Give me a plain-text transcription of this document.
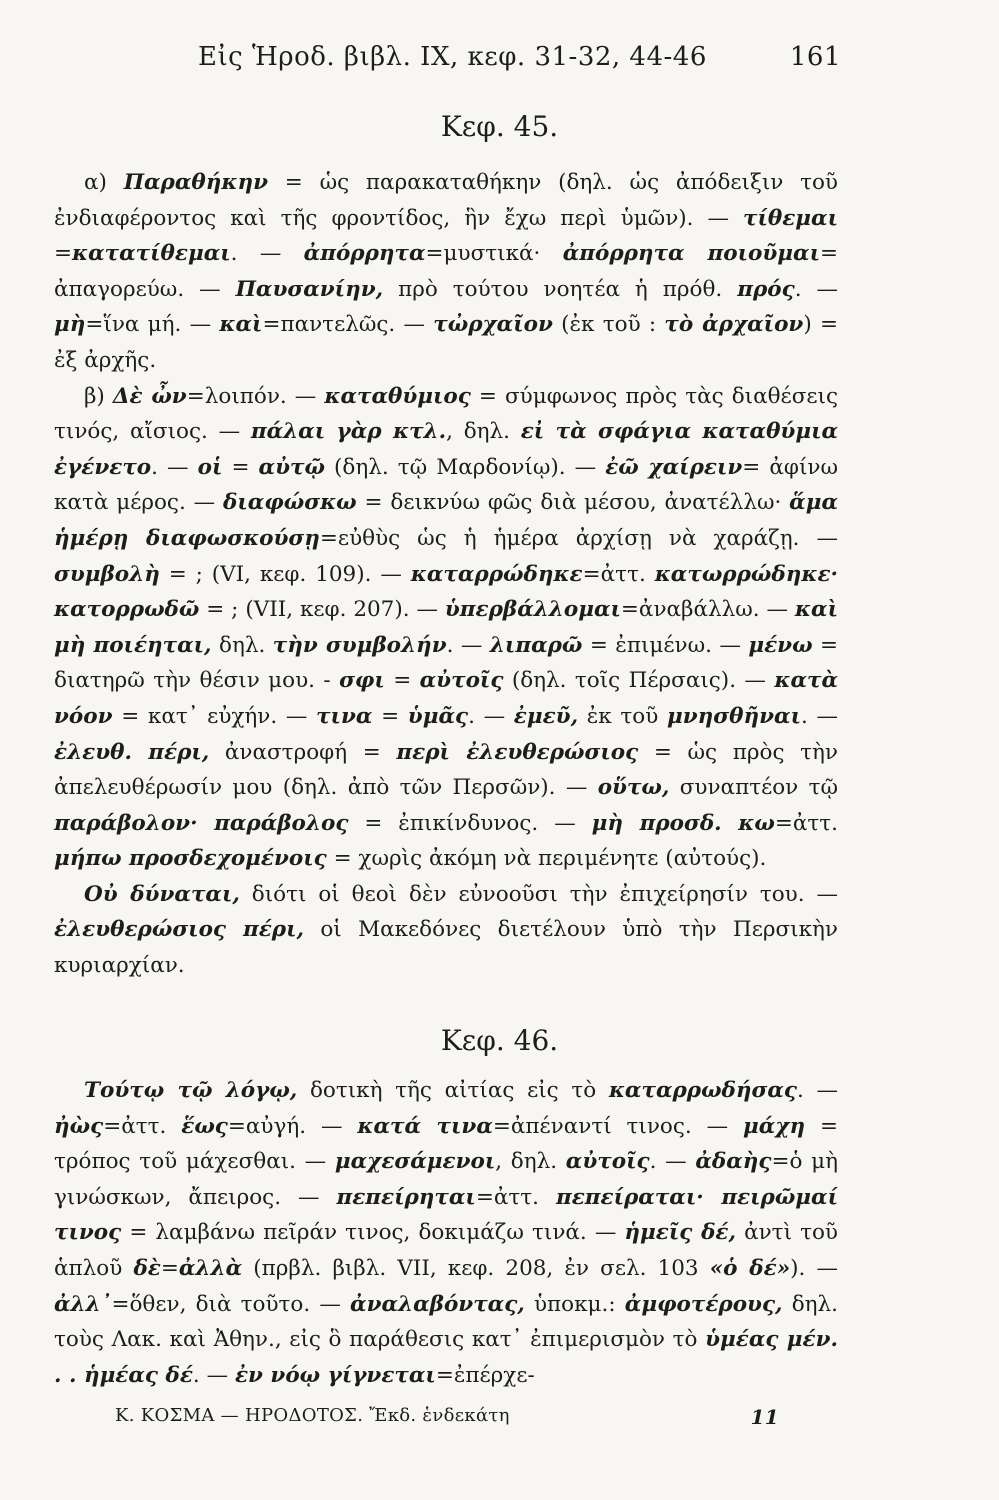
Εἰς Ἡροδ. βιβλ. IX, κεφ. 31-32, 44-46	161
Κεφ. 45.

α) Παραθήκην = ὡς παρακαταθήκην (δηλ. ὡς ἀπόδειξιν τοῦ ἐνδιαφέροντος καὶ τῆς φροντίδος, ἣν ἔχω περὶ ὑμῶν). — τίθεμαι =κατατίθεμαι. — ἀπόρρητα=μυστικά· ἀπόρρητα ποιοῦμαι= ἀπαγορεύω. — Παυσανίην, πρὸ τούτου νοητέα ἡ πρόθ. πρός. — μὴ=ἵνα μή. — καὶ=παντελῶς. — τὠρχαῖον (ἐκ τοῦ : τὸ ἀρχαῖον) = ἐξ ἀρχῆς.

β) Δὲ ὦν=λοιπόν. — καταθύμιος = σύμφωνος πρὸς τὰς διαθέσεις τινός, αἴσιος. — πάλαι γὰρ κτλ., δηλ. εἰ τὰ σφάγια καταθύμια ἐγένετο. — οἱ = αὐτῷ (δηλ. τῷ Μαρδονίῳ). — ἐῶ χαίρειν= ἀφίνω κατὰ μέρος. — διαφώσκω = δεικνύω φῶς διὰ μέσου, ἀνατέλλω· ἅμα ἡμέρῃ διαφωσκούσῃ=εὐθὺς ὡς ἡ ἡμέρα ἀρχίσῃ νὰ χαράζῃ. — συμβολὴ = ; (VI, κεφ. 109). — καταρρώδηκε=ἀττ. κατωρρώδηκε· κατορρωδῶ = ; (VII, κεφ. 207). — ὑπερβάλλομαι=ἀναβάλλω. — καὶ μὴ ποιέηται, δηλ. τὴν συμβολήν. — λιπαρῶ = ἐπιμένω. — μένω = διατηρῶ τὴν θέσιν μου. - σφι = αὐτοῖς (δηλ. τοῖς Πέρσαις). — κατὰ νόον = κατ᾽ εὐχήν. — τινα = ὑμᾶς. — ἐμεῦ, ἐκ τοῦ μνησθῆναι. — ἐλευθ. πέρι, ἀναστροφή = περὶ ἐλευθερώσιος = ὡς πρὸς τὴν ἀπελευθέρωσίν μου (δηλ. ἀπὸ τῶν Περσῶν). — οὕτω, συναπτέον τῷ παράβολον· παράβολος = ἐπικίνδυνος. — μὴ προσδ. κω=ἀττ. μήπω προσδεχομένοις = χωρὶς ἀκόμη νὰ περιμένητε (αὐτούς).

Οὐ δύναται, διότι οἱ θεοὶ δὲν εὐνοοῦσι τὴν ἐπιχείρησίν του. — ἐλευθερώσιος πέρι, οἱ Μακεδόνες διετέλουν ὑπὸ τὴν Περσικὴν κυριαρχίαν.

Κεφ. 46.

Τούτῳ τῷ λόγῳ, δοτικὴ τῆς αἰτίας εἰς τὸ καταρρωδήσας. — ἠὼς=ἀττ. ἕως=αὐγή. — κατά τινα=ἀπέναντί τινος. — μάχη = τρόπος τοῦ μάχεσθαι. — μαχεσάμενοι, δηλ. αὐτοῖς. — ἀδαὴς=ὁ μὴ γινώσκων, ἄπειρος. — πεπείρηται=ἀττ. πεπείραται· πειρῶμαί τινος = λαμβάνω πεῖράν τινος, δοκιμάζω τινά. — ἡμεῖς δέ, ἀντὶ τοῦ ἁπλοῦ δὲ=ἀλλὰ (πρβλ. βιβλ. VII, κεφ. 208, ἐν σελ. 103 «ὁ δέ»). — ἀλλ᾽=ὅθεν, διὰ τοῦτο. — ἀναλαβόντας, ὑποκμ.: ἀμφοτέρους, δηλ. τοὺς Λακ. καὶ Ἀθην., εἰς ὃ παράθεσις κατ᾽ ἐπιμερισμὸν τὸ ὑμέας μέν. . . ἡμέας δέ. — ἐν νόῳ γίγνεται=ἐπέρχε-

Κ. ΚΟΣΜΑ — ΗΡΟΔΟΤΟΣ. Ἔκδ. ἑνδεκάτη	11
